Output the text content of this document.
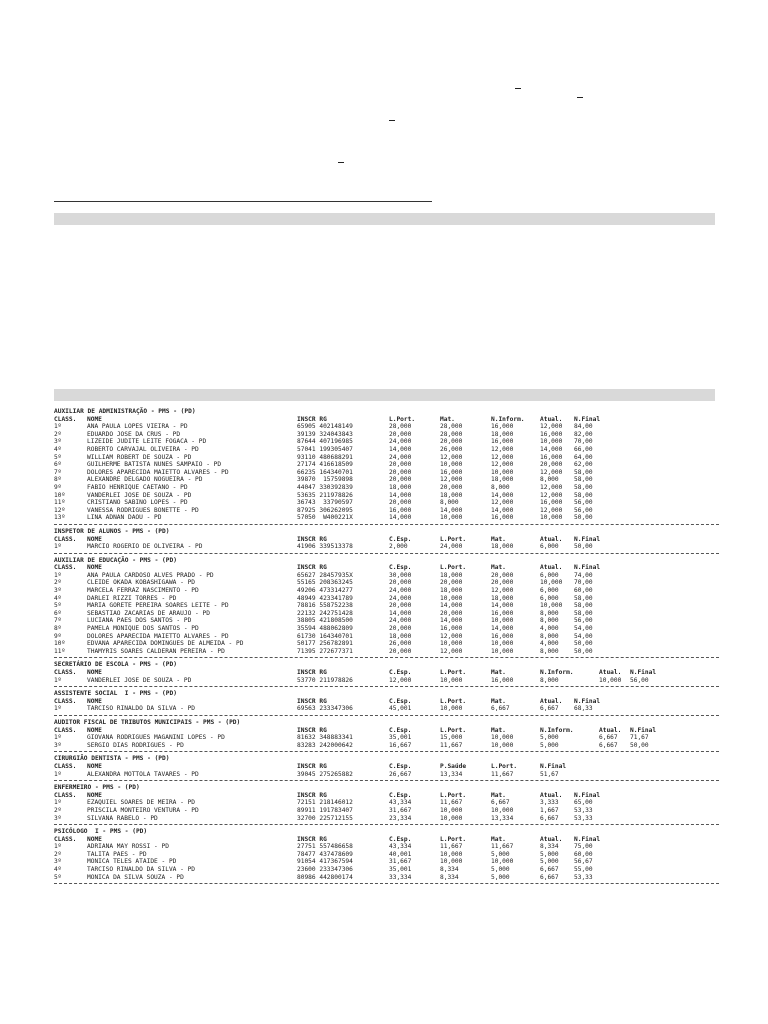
AUXILIAR DE ADMINISTRAÇÃO - PMS - (PD)
CLASS. NOME	INSCR RG	L.Port.	Mat.	N.Inform. Atual. N.Final
1º	ANA PAULA LOPES VIEIRA - PD	65905 402148149	28,000	28,000	16,000	12,000 84,00
2º	EDUARDO JOSE DA CRUS - PD	39139 324043843	20,000	28,000	18,000	16,000 82,00
3º	LIZEIDE JUDITE LEITE FOGACA - PD	87644 407196985	24,000	20,000	16,000	10,000 70,00
4º	ROBERTO CARVAJAL OLIVEIRA - PD	57041 199305407	14,000	26,000	12,000	14,000 66,00
5º	WILLIAM ROBERT DE SOUZA - PD	93110 480688291	24,000	12,000	12,000	16,000 64,00
6º	GUILHERME BATISTA NUNES SAMPAIO - PD	27174 416618509	20,000	10,000	12,000	20,000 62,00
7º	DOLORES APARECIDA MAIETTO ALVARES - PD	66235 164340701	20,000	16,000	10,000	12,000 58,00
8º	ALEXANDRE DELGADO NOGUEIRA - PD	39870  15759898	20,000	12,000	18,000	8,000 58,00
9º	FABIO HENRIQUE CAETANO - PD	44047 330392839	18,000	20,000	8,000	12,000 58,00
10º	VANDERLEI JOSE DE SOUZA - PD	53635 211978826	14,000	18,000	14,000	12,000 58,00
11º	CRISTIANO SABINO LOPES - PD	36743  33790597	20,000	8,000	12,000	16,000 56,00
12º	VANESSA RODRIGUES BONETTE - PD	87925 306262095	16,000	14,000	14,000	12,000 56,00
13º	LINA ADNAN DAOU - PD	57050  W400221X	14,000	10,000	16,000	10,000 50,00
INSPETOR DE ALUNOS - PMS - (PD)
CLASS. NOME	INSCR RG	C.Esp.	L.Port.	Mat.	Atual. N.Final
1º	MARCIO ROGERIO DE OLIVEIRA - PD	41906 339513378	2,000	24,000	18,000	6,000 50,00
AUXILIAR DE EDUCAÇÃO - PMS - (PD)
CLASS. NOME	INSCR RG	C.Esp.	L.Port.	Mat.	Atual. N.Final
1º	ANA PAULA CARDOSO ALVES PRADO - PD	65627 28457935X	30,000	18,000	20,000	6,000 74,00
2º	CLEIDE OKADA KOBASHIGAWA - PD	55165 208363245	20,000	20,000	20,000	10,000 70,00
3º	MARCELA FERRAZ NASCIMENTO - PD	49206 473314277	24,000	18,000	12,000	6,000 60,00
4º	DARLEI RIZZI TORRES - PD	48949 423341789	24,000	10,000	18,000	6,000 58,00
5º	MARIA GORETE PEREIRA SOARES LEITE - PD	78816 558752238	20,000	14,000	14,000	10,000 58,00
6º	SEBASTIAO ZACARIAS DE ARAUJO - PD	22132 242751428	14,000	20,000	16,000	8,000 58,00
7º	LUCIANA PAES DOS SANTOS - PD	38805 421808500	24,000	14,000	10,000	8,000 56,00
8º	PAMELA MONIQUE DOS SANTOS - PD	35594 488062809	20,000	16,000	14,000	4,000 54,00
9º	DOLORES APARECIDA MAIETTO ALVARES - PD	61730 164340701	18,000	12,000	16,000	8,000 54,00
10º	EDVANA APARECIDA DOMINGUES DE ALMEIDA - PD	50177 256782891	26,000	10,000	10,000	4,000 50,00
11º	THAMYRIS SOARES CALDERAN PEREIRA - PD	71395 272677371	20,000	12,000	10,000	8,000 50,00
SECRETÁRIO DE ESCOLA - PMS - (PD)
CLASS. NOME	INSCR RG	C.Esp.	L.Port.	Mat.	N.Inform.	Atual. N.Final
1º	VANDERLEI JOSE DE SOUZA - PD	53770 211978826	12,000	10,000	16,000	8,000	10,000 56,00
ASSISTENTE SOCIAL  I - PMS - (PD)
CLASS. NOME	INSCR RG	C.Esp.	L.Port.	Mat.	Atual. N.Final
1º	TARCISO RINALDO DA SILVA - PD	69563 233347306	45,001	10,000	6,667	6,667 68,33
AUDITOR FISCAL DE TRIBUTOS MUNICIPAIS - PMS - (PD)
CLASS. NOME	INSCR RG	C.Esp.	L.Port.	Mat.	N.Inform.	Atual. N.Final
1º	GIOVANA RODRIGUES MAGANINI LOPES - PD	81632 348883341	35,001	15,000	10,000	5,000	6,667 71,67
3º	SERGIO DIAS RODRIGUES - PD	83283 242000642	16,667	11,667	10,000	5,000	6,667 50,00
CIRURGIÃO DENTISTA - PMS - (PD)
CLASS. NOME	INSCR RG	C.Esp.	P.Saúde	L.Port.	N.Final
1º	ALEXANDRA MOTTOLA TAVARES - PD	39045 275265882	26,667	13,334	11,667	51,67
ENFERMEIRO - PMS - (PD)
CLASS. NOME	INSCR RG	C.Esp.	L.Port.	Mat.	Atual. N.Final
1º	EZAQUIEL SOARES DE MEIRA - PD	72151 218146012	43,334	11,667	6,667	3,333 65,00
2º	PRISCILA MONTEIRO VENTURA - PD	89911 191783407	31,667	10,000	10,000	1,667 53,33
3º	SILVANA RABELO - PD	32700 225712155	23,334	10,000	13,334	6,667 53,33
PSICÓLOGO  I - PMS - (PD)
CLASS. NOME	INSCR RG	C.Esp.	L.Port.	Mat.	Atual. N.Final
1º	ADRIANA MAY ROSSI - PD	27751 557486658	43,334	11,667	11,667	8,334 75,00
2º	TALITA PAES - PD	78477 437478609	40,001	10,000	5,000	5,000 60,00
3º	MONICA TELES ATAIDE - PD	91054 417367594	31,667	10,000	10,000	5,000 56,67
4º	TARCISO RINALDO DA SILVA - PD	23600 233347306	35,001	8,334	5,000	6,667 55,00
5º	MONICA DA SILVA SOUZA - PD	80986 442800174	33,334	8,334	5,000	6,667 53,33
